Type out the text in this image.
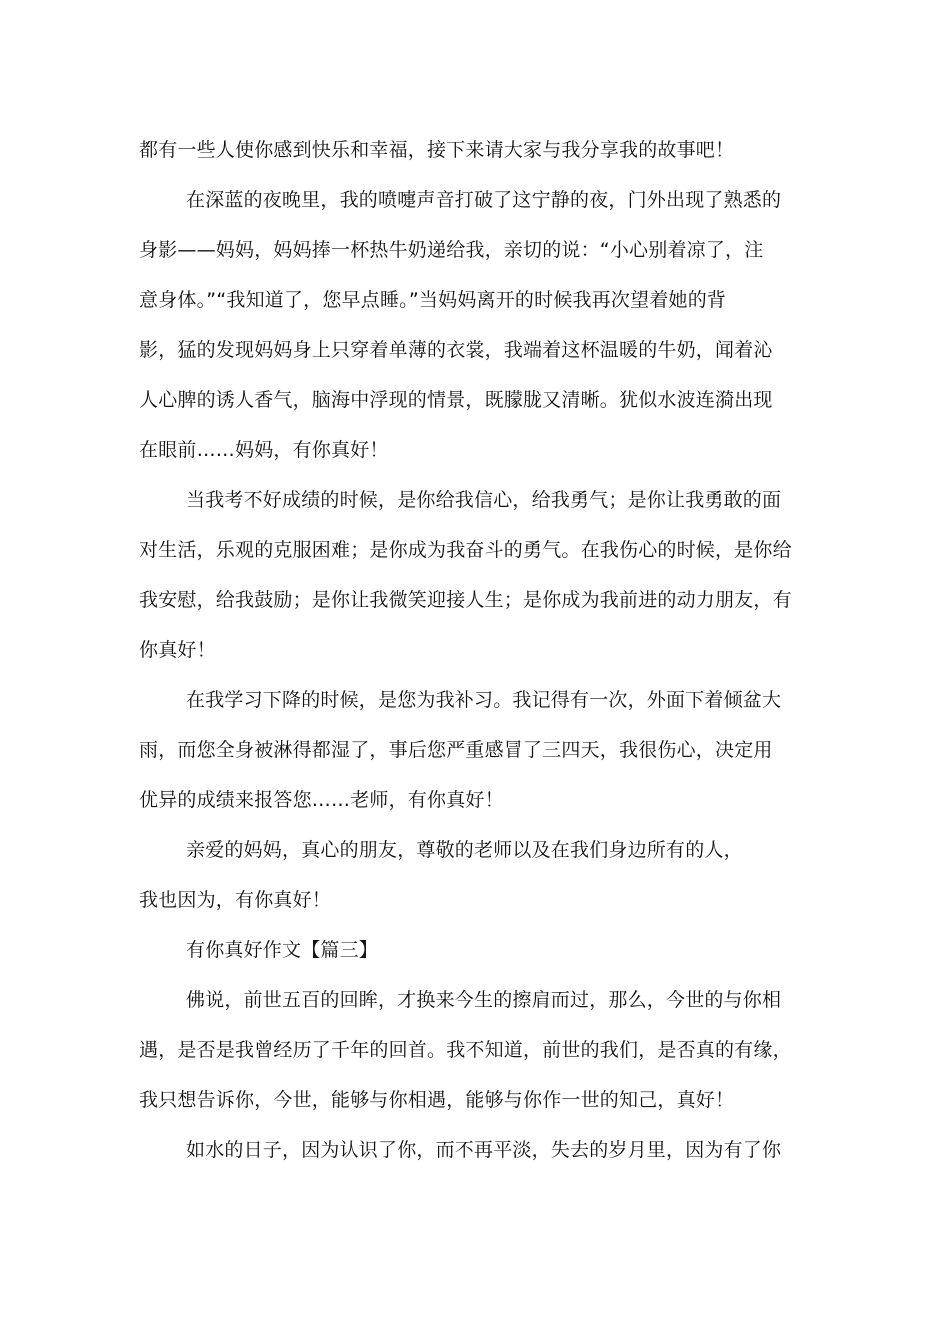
都有一些人使你感到快乐和幸福，接下来请大家与我分享我的故事吧！
在深蓝的夜晚里，我的喷嚏声音打破了这宁静的夜，门外出现了熟悉的
身影——妈妈，妈妈捧一杯热牛奶递给我，亲切的说：“小心别着凉了，注
意身体。”“我知道了，您早点睡。”当妈妈离开的时候我再次望着她的背
影，猛的发现妈妈身上只穿着单薄的衣裳，我端着这杯温暖的牛奶，闻着沁
人心脾的诱人香气，脑海中浮现的情景，既朦胧又清晰。犹似水波连漪出现
在眼前……妈妈，有你真好！
当我考不好成绩的时候，是你给我信心，给我勇气；是你让我勇敢的面
对生活，乐观的克服困难；是你成为我奋斗的勇气。在我伤心的时候，是你给
我安慰，给我鼓励；是你让我微笑迎接人生；是你成为我前进的动力朋友，有
你真好！
在我学习下降的时候，是您为我补习。我记得有一次，外面下着倾盆大
雨，而您全身被淋得都湿了，事后您严重感冒了三四天，我很伤心，决定用
优异的成绩来报答您……老师，有你真好！
亲爱的妈妈，真心的朋友，尊敬的老师以及在我们身边所有的人，
我也因为，有你真好！
有你真好作文【篇三】
佛说，前世五百的回眸，才换来今生的擦肩而过，那么，今世的与你相
遇，是否是我曾经历了千年的回首。我不知道，前世的我们，是否真的有缘，
我只想告诉你，今世，能够与你相遇，能够与你作一世的知己，真好！
如水的日子，因为认识了你，而不再平淡，失去的岁月里，因为有了你
